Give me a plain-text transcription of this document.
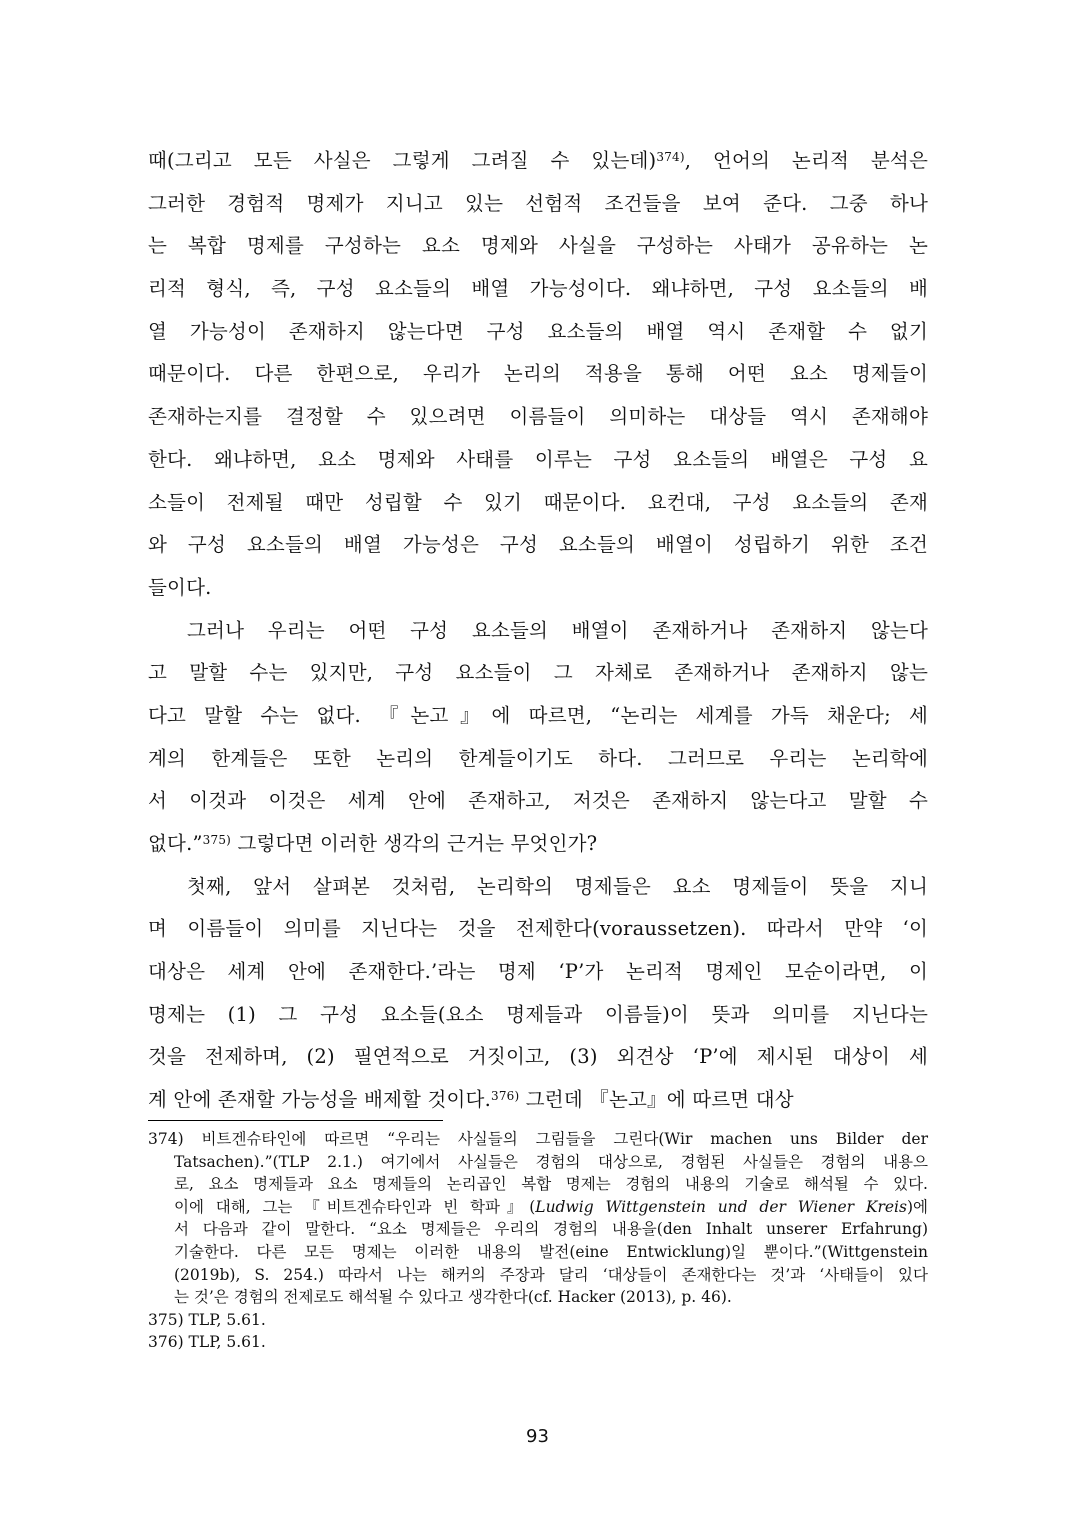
때(그리고 모든 사실은 그렇게 그려질 수 있는데)$^{374)}$, 언어의 논리적 분석은
그러한 경험적 명제가 지니고 있는 선험적 조건들을 보여 준다. 그중 하나
는 복합 명제를 구성하는 요소 명제와 사실을 구성하는 사태가 공유하는 논
리적 형식, 즉, 구성 요소들의 배열 가능성이다. 왜냐하면, 구성 요소들의 배
열 가능성이 존재하지 않는다면 구성 요소들의 배열 역시 존재할 수 없기
때문이다. 다른 한편으로, 우리가 논리의 적용을 통해 어떤 요소 명제들이
존재하는지를 결정할 수 있으려면 이름들이 의미하는 대상들 역시 존재해야
한다. 왜냐하면, 요소 명제와 사태를 이루는 구성 요소들의 배열은 구성 요
소들이 전제될 때만 성립할 수 있기 때문이다. 요컨대, 구성 요소들의 존재
와 구성 요소들의 배열 가능성은 구성 요소들의 배열이 성립하기 위한 조건
들이다.
그러나 우리는 어떤 구성 요소들의 배열이 존재하거나 존재하지 않는다
고 말할 수는 있지만, 구성 요소들이 그 자체로 존재하거나 존재하지 않는
다고 말할 수는 없다. 『논고』에 따르면, “논리는 세계를 가득 채운다; 세
계의 한계들은 또한 논리의 한계들이기도 하다. 그러므로 우리는 논리학에
서 이것과 이것은 세계 안에 존재하고, 저것은 존재하지 않는다고 말할 수
없다.”$^{375)}$ 그렇다면 이러한 생각의 근거는 무엇인가?
첫째, 앞서 살펴본 것처럼, 논리학의 명제들은 요소 명제들이 뜻을 지니
며 이름들이 의미를 지닌다는 것을 전제한다(voraussetzen). 따라서 만약 ‘이
대상은 세계 안에 존재한다.’라는 명제 ‘P’가 논리적 명제인 모순이라면, 이
명제는 (1) 그 구성 요소들(요소 명제들과 이름들)이 뜻과 의미를 지닌다는
것을 전제하며, (2) 필연적으로 거짓이고, (3) 외견상 ‘P’에 제시된 대상이 세
계 안에 존재할 가능성을 배제할 것이다.$^{376)}$ 그런데 『논고』에 따르면 대상
374) 비트겐슈타인에 따르면 “우리는 사실들의 그림들을 그린다(Wir machen uns Bilder der
Tatsachen).”(TLP 2.1.) 여기에서 사실들은 경험의 대상으로, 경험된 사실들은 경험의 내용으
로, 요소 명제들과 요소 명제들의 논리곱인 복합 명제는 경험의 내용의 기술로 해석될 수 있다.
이에 대해, 그는 『비트겐슈타인과 빈 학파』(Ludwig Wittgenstein und der Wiener Kreis)에
서 다음과 같이 말한다. “요소 명제들은 우리의 경험의 내용을(den Inhalt unserer Erfahrung)
기술한다. 다른 모든 명제는 이러한 내용의 발전(eine Entwicklung)일 뿐이다.”(Wittgenstein
(2019b), S. 254.) 따라서 나는 해커의 주장과 달리 ‘대상들이 존재한다는 것’과 ‘사태들이 있다
는 것’은 경험의 전제로도 해석될 수 있다고 생각한다(cf. Hacker (2013), p. 46).
375) TLP, 5.61.
376) TLP, 5.61.
93
